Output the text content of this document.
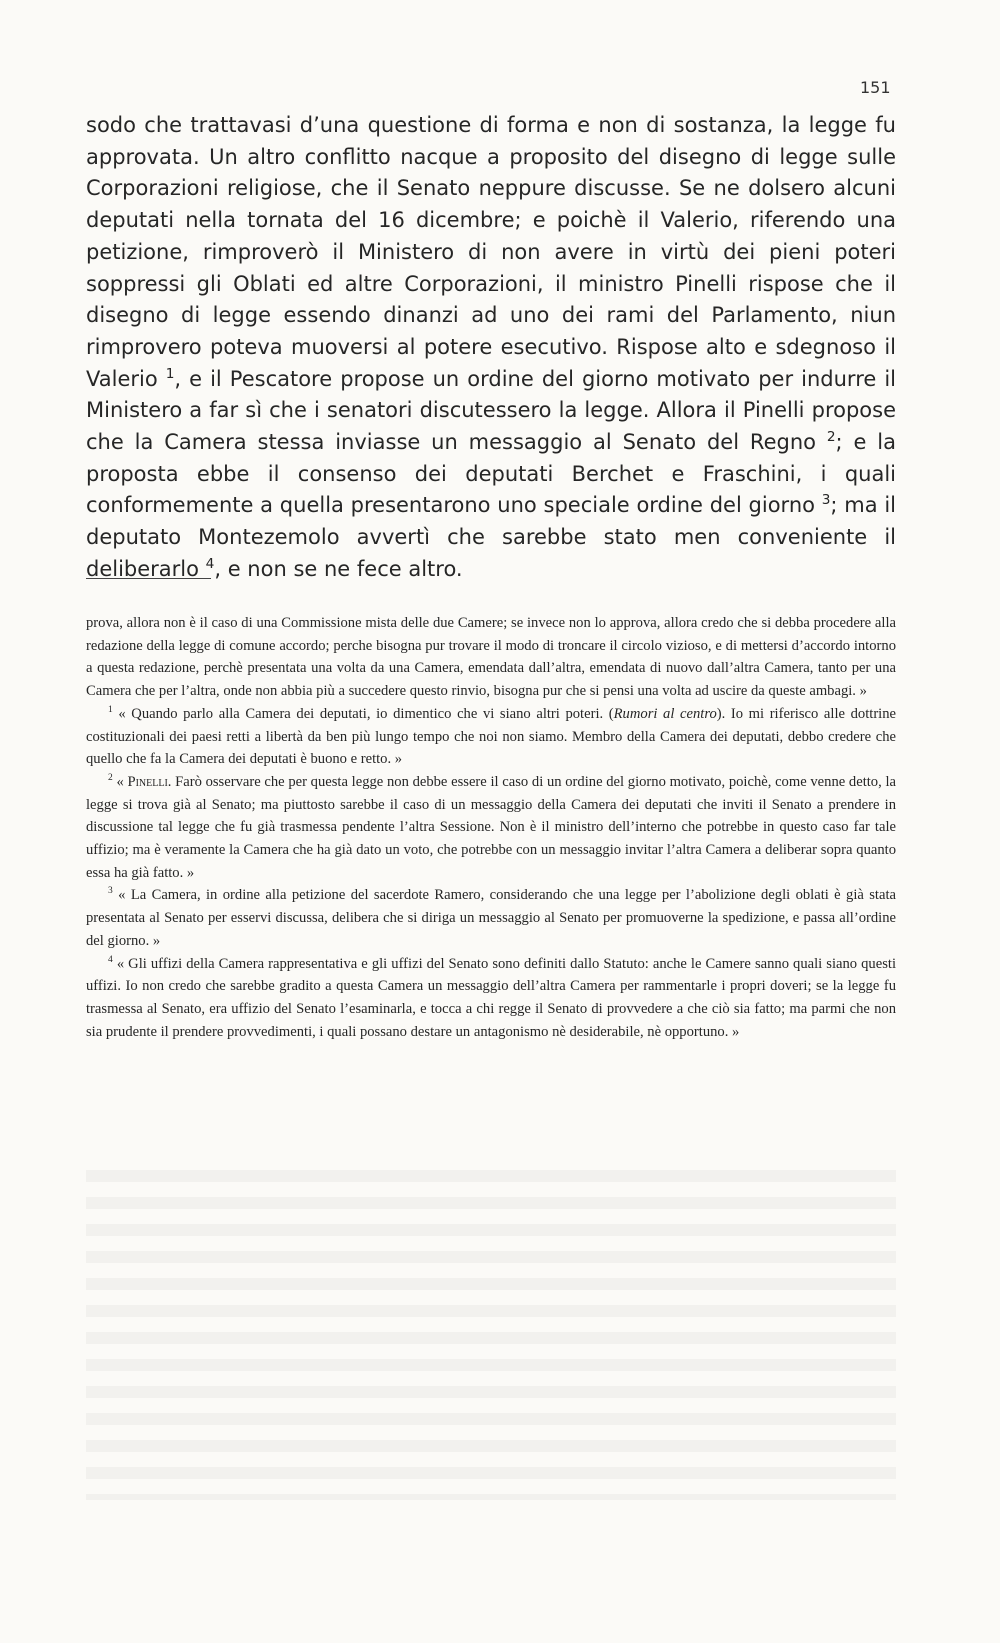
151

sodo che trattavasi d’una questione di forma e non di sostanza, la legge fu approvata. Un altro conflitto nacque a proposito del disegno di legge sulle Corporazioni religiose, che il Senato neppure discusse. Se ne dolsero alcuni deputati nella tornata del 16 dicembre; e poichè il Valerio, riferendo una petizione, rimproverò il Ministero di non avere in virtù dei pieni poteri soppressi gli Oblati ed altre Corporazioni, il ministro Pinelli rispose che il disegno di legge essendo dinanzi ad uno dei rami del Parlamento, niun rimprovero poteva muoversi al potere esecutivo. Rispose alto e sdegnoso il Valerio $^1$, e il Pescatore propose un ordine del giorno motivato per indurre il Ministero a far sì che i senatori discutessero la legge. Allora il Pinelli propose che la Camera stessa inviasse un messaggio al Senato del Regno $^2$; e la proposta ebbe il consenso dei deputati Berchet e Fraschini, i quali conformemente a quella presentarono uno speciale ordine del giorno $^3$; ma il deputato Montezemolo avvertì che sarebbe stato men conveniente il deliberarlo $^4$, e non se ne fece altro.

prova, allora non è il caso di una Commissione mista delle due Camere; se invece non lo approva, allora credo che si debba procedere alla redazione della legge di comune accordo; perche bisogna pur trovare il modo di troncare il circolo vizioso, e di mettersi d’accordo intorno a questa redazione, perchè presentata una volta da una Camera, emendata dall’altra, emendata di nuovo dall’altra Camera, tanto per una Camera che per l’altra, onde non abbia più a succedere questo rinvio, bisogna pur che si pensi una volta ad uscire da queste ambagi. »

$^1$ « Quando parlo alla Camera dei deputati, io dimentico che vi siano altri poteri. (Rumori al centro). Io mi riferisco alle dottrine costituzionali dei paesi retti a libertà da ben più lungo tempo che noi non siamo. Membro della Camera dei deputati, debbo credere che quello che fa la Camera dei deputati è buono e retto. »

$^2$ « Pinelli. Farò osservare che per questa legge non debbe essere il caso di un ordine del giorno motivato, poichè, come venne detto, la legge si trova già al Senato; ma piuttosto sarebbe il caso di un messaggio della Camera dei deputati che inviti il Senato a prendere in discussione tal legge che fu già trasmessa pendente l’altra Sessione. Non è il ministro dell’interno che potrebbe in questo caso far tale uffizio; ma è veramente la Camera che ha già dato un voto, che potrebbe con un messaggio invitar l’altra Camera a deliberar sopra quanto essa ha già fatto. »

$^3$ « La Camera, in ordine alla petizione del sacerdote Ramero, considerando che una legge per l’abolizione degli oblati è già stata presentata al Senato per esservi discussa, delibera che si diriga un messaggio al Senato per promuoverne la spedizione, e passa all’ordine del giorno. »

$^4$ « Gli uffizi della Camera rappresentativa e gli uffizi del Senato sono definiti dallo Statuto: anche le Camere sanno quali siano questi uffizi. Io non credo che sarebbe gradito a questa Camera un messaggio dell’altra Camera per rammentarle i propri doveri; se la legge fu trasmessa al Senato, era uffizio del Senato l’esaminarla, e tocca a chi regge il Senato di provvedere a che ciò sia fatto; ma parmi che non sia prudente il prendere provvedimenti, i quali possano destare un antagonismo nè desiderabile, nè opportuno. »
